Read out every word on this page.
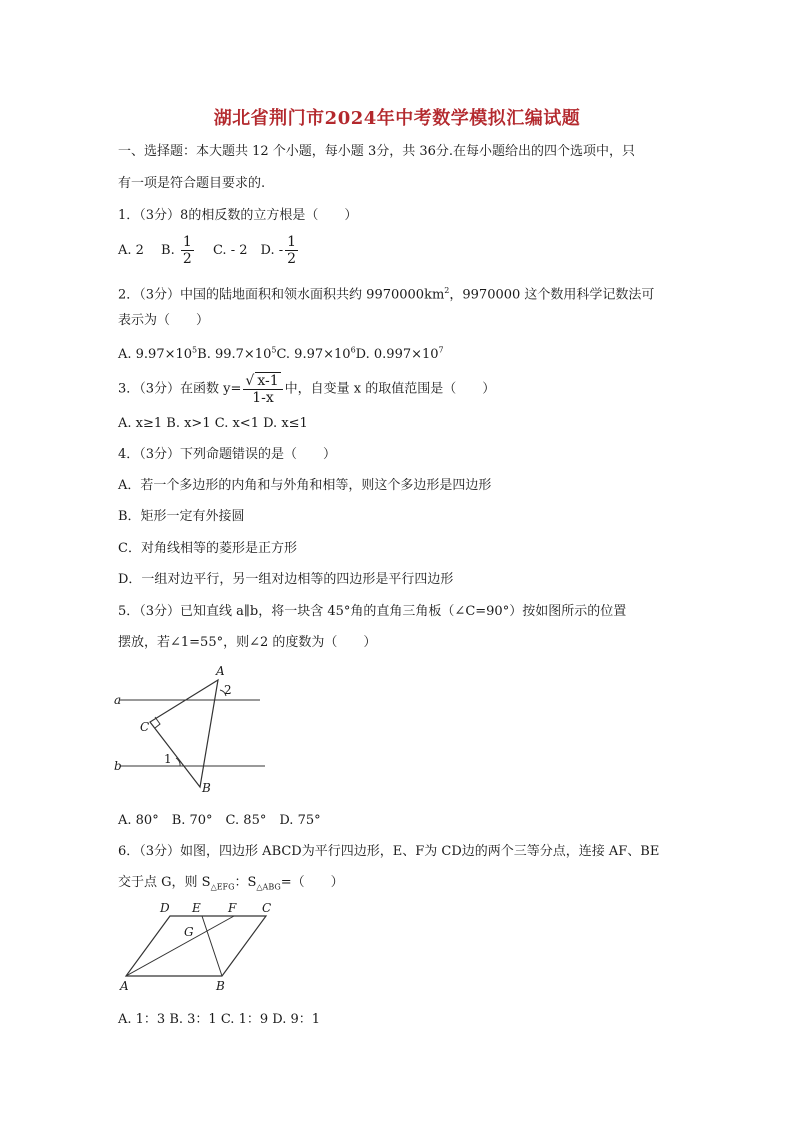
湖北省荆门市2024年中考数学模拟汇编试题
一、选择题：本大题共 12 个小题，每小题 3分，共 36分.在每小题给出的四个选项中，只
有一项是符合题目要求的.
1．（3分）8的相反数的立方根是（　　）
A. 2　 B. $\frac{1}{2}$ 　C. - 2　D. - $\frac{1}{2}$
2．（3分）中国的陆地面积和领水面积共约 $9970000km^2$，9970000 这个数用科学记数法可
表示为（　　）
A. $9.97\times 10^5B$. $99.7\times 10^5C$. $9.97\times 10^6D$. $0.997\times 10^7$
3．（3分）在函数 $y= \frac{√ x-1}{1-x}$ 中，自变量 x 的取值范围是（　　）
A. x≥1 B. x>1 C. x<1 D. x≤1
4．（3分）下列命题错误的是（　　）
A．若一个多边形的内角和与外角和相等，则这个多边形是四边形
B．矩形一定有外接圆
C．对角线相等的菱形是正方形
D．一组对边平行，另一组对边相等的四边形是平行四边形
5．（3分）已知直线 a∥b，将一块含 45°角的直角三角板（∠C=90°）按如图所示的位置
摆放，若∠1=55°，则∠2 的度数为（　　）
a
b
A
C
B
2
1
A. 80°　B. 70°　C. 85°　D. 75°
6．（3分）如图，四边形 ABCD为平行四边形，E、F为 CD边的两个三等分点，连接 AF、BE
交于点 G，则 $S_{\triangle EFG}$：$S_{\triangle ABG}=$（　　）
D E F C
G
A	B
A. 1：3 B. 3：1 C. 1：9 D. 9：1
